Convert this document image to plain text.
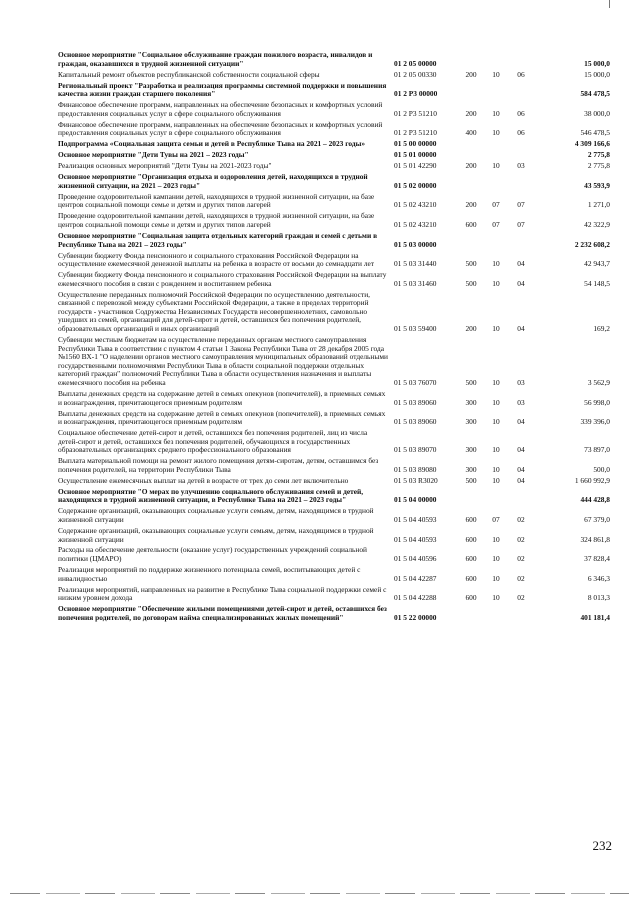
Основное мероприятие "Социальное обслуживание граждан пожилого возраста, инвалидов и граждан, оказавшихся в трудной жизненной ситуации"	01 2 05 00000				15 000,0
Капитальный ремонт объектов республиканской собственности социальной сферы	01 2 05 00330	200	10	06	15 000,0
Региональный проект "Разработка и реализация программы системной поддержки и повышения качества жизни граждан старшего поколения"	01 2 P3 00000				584 478,5
Финансовое обеспечение программ, направленных на обеспечение безопасных и комфортных условий предоставления социальных услуг в сфере социального обслуживания	01 2 P3 51210	200	10	06	38 000,0
Финансовое обеспечение программ, направленных на обеспечение безопасных и комфортных условий предоставления социальных услуг в сфере социального обслуживания	01 2 P3 51210	400	10	06	546 478,5
Подпрограмма «Социальная защита семьи и детей в Республике Тыва на 2021 – 2023 годы»	01 5 00 00000				4 309 166,6
Основное мероприятие "Дети Тувы на 2021 – 2023 годы"	01 5 01 00000				2 775,8
Реализация основных мероприятий "Дети Тувы на 2021-2023 годы"	01 5 01 42290	200	10	03	2 775,8
Основное мероприятие "Организация отдыха и оздоровления детей, находящихся в трудной жизненной ситуации, на 2021 – 2023 годы"	01 5 02 00000				43 593,9
Проведение оздоровительной кампании детей, находящихся в трудной жизненной ситуации, на базе центров социальной помощи семье и детям и других типов лагерей	01 5 02 43210	200	07	07	1 271,0
Проведение оздоровительной кампании детей, находящихся в трудной жизненной ситуации, на базе центров социальной помощи семье и детям и других типов лагерей	01 5 02 43210	600	07	07	42 322,9
Основное мероприятие "Социальная защита отдельных категорий граждан и семей с детьми в Республике Тыва на 2021 – 2023 годы"	01 5 03 00000				2 232 608,2
Субвенции бюджету Фонда пенсионного и социального страхования Российской Федерации на осуществление ежемесячной денежной выплаты на ребенка в возрасте от восьми до семнадцати лет	01 5 03 31440	500	10	04	42 943,7
Субвенции бюджету Фонда пенсионного и социального страхования Российской Федерации на выплату ежемесячного пособия в связи с рождением и воспитанием ребенка	01 5 03 31460	500	10	04	54 148,5
Осуществление переданных полномочий Российской Федерации по осуществлению деятельности, связанной с перевозкой между субъектами Российской Федерации, а также в пределах территорий государств - участников Содружества Независимых Государств несовершеннолетних, самовольно ушедших из семей, организаций для детей-сирот и детей, оставшихся без попечения родителей, образовательных организаций и иных организаций	01 5 03 59400	200	10	04	169,2
Субвенции местным бюджетам на осуществление переданных органам местного самоуправления Республики Тыва в соответствии с пунктом 4 статьи 1 Закона Республики Тыва от 28 декабря 2005 года №1560 ВХ-1 "О наделении органов местного самоуправления муниципальных образований отдельными государственными полномочиями Республики Тыва в области социальной поддержки отдельных категорий граждан" полномочий Республики Тыва в области осуществления назначения и выплаты ежемесячного пособия на ребенка	01 5 03 76070	500	10	03	3 562,9
Выплаты денежных средств на содержание детей в семьях опекунов (попечителей), в приемных семьях и вознаграждения, причитающегося приемным родителям	01 5 03 89060	300	10	03	56 998,0
Выплаты денежных средств на содержание детей в семьях опекунов (попечителей), в приемных семьях и вознаграждения, причитающегося приемным родителям	01 5 03 89060	300	10	04	339 396,0
Социальное обеспечение детей-сирот и детей, оставшихся без попечения родителей, лиц из числа детей-сирот и детей, оставшихся без попечения родителей, обучающихся в государственных образовательных организациях среднего профессионального образования	01 5 03 89070	300	10	04	73 897,0
Выплата материальной помощи на ремонт жилого помещения детям-сиротам, детям, оставшимся без попечения родителей, на территории Республики Тыва	01 5 03 89080	300	10	04	500,0
Осуществление ежемесячных выплат на детей в возрасте от трех до семи лет включительно	01 5 03 R3020	500	10	04	1 660 992,9
Основное мероприятие "О мерах по улучшению социального обслуживания семей и детей, находящихся в трудной жизненной ситуации, в Республике Тыва на 2021 – 2023 годы"	01 5 04 00000				444 428,8
Содержание организаций, оказывающих социальные услуги семьям, детям, находящимся в трудной жизненной ситуации	01 5 04 40593	600	07	02	67 379,0
Содержание организаций, оказывающих социальные услуги семьям, детям, находящимся в трудной жизненной ситуации	01 5 04 40593	600	10	02	324 861,8
Расходы на обеспечение деятельности (оказание услуг) государственных учреждений социальной политики (ЦМАРО)	01 5 04 40596	600	10	02	37 828,4
Реализация мероприятий по поддержке жизненного потенциала семей, воспитывающих детей с инвалидностью	01 5 04 42287	600	10	02	6 346,3
Реализация мероприятий, направленных на развитие в Республике Тыва социальной поддержки семей с низким уровнем дохода	01 5 04 42288	600	10	02	8 013,3
Основное мероприятие "Обеспечение жилыми помещениями детей-сирот и детей, оставшихся без попечения родителей, по договорам найма специализированных жилых помещений"	01 5 22 00000				401 181,4
232
